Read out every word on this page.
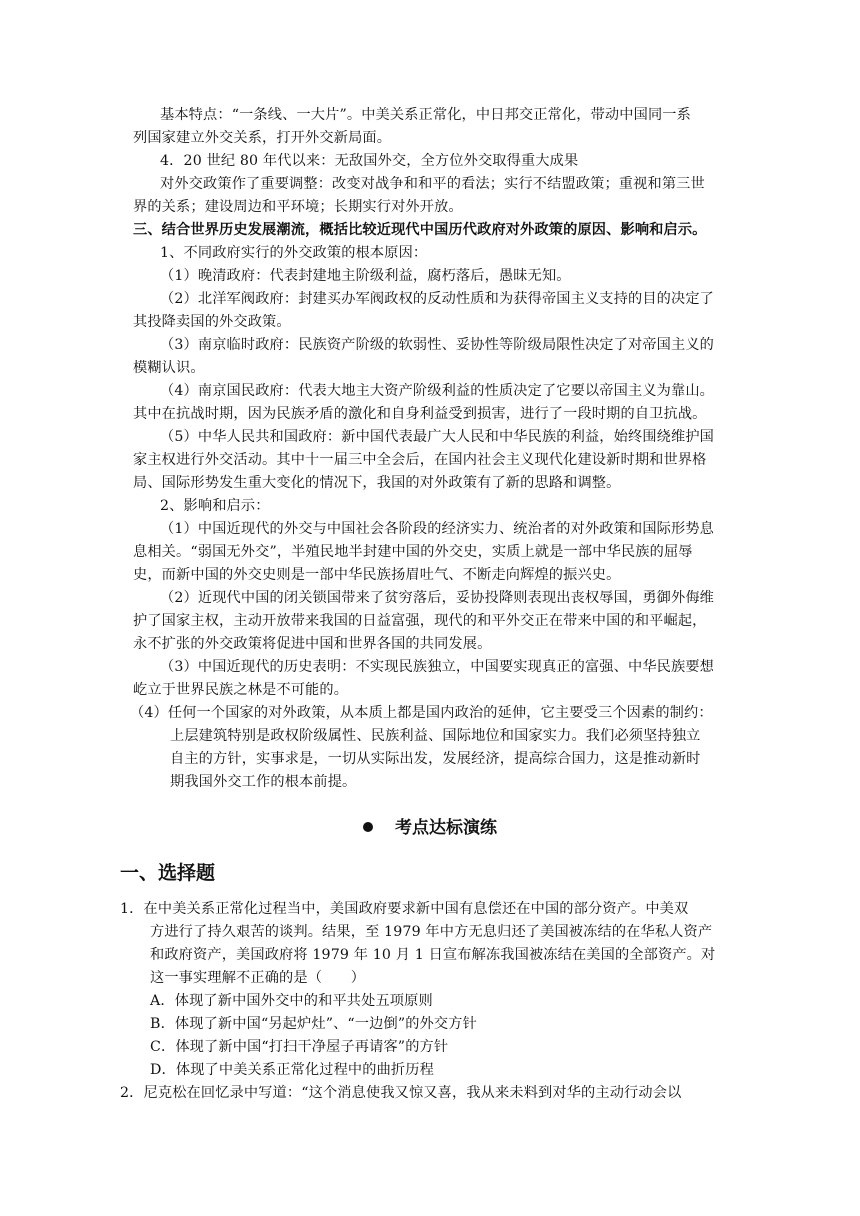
基本特点：“一条线、一大片”。中美关系正常化，中日邦交正常化，带动中国同一系

列国家建立外交关系，打开外交新局面。

4．20 世纪 80 年代以来：无敌国外交，全方位外交取得重大成果

对外交政策作了重要调整：改变对战争和和平的看法；实行不结盟政策；重视和第三世

界的关系；建设周边和平环境；长期实行对外开放。

三、结合世界历史发展潮流，概括比较近现代中国历代政府对外政策的原因、影响和启示。

1、不同政府实行的外交政策的根本原因：

（1）晚清政府：代表封建地主阶级利益，腐朽落后，愚昧无知。

（2）北洋军阀政府：封建买办军阀政权的反动性质和为获得帝国主义支持的目的决定了

其投降卖国的外交政策。

（3）南京临时政府：民族资产阶级的软弱性、妥协性等阶级局限性决定了对帝国主义的

模糊认识。

（4）南京国民政府：代表大地主大资产阶级利益的性质决定了它要以帝国主义为靠山。

其中在抗战时期，因为民族矛盾的激化和自身利益受到损害，进行了一段时期的自卫抗战。

（5）中华人民共和国政府：新中国代表最广大人民和中华民族的利益，始终围绕维护国

家主权进行外交活动。其中十一届三中全会后，在国内社会主义现代化建设新时期和世界格

局、国际形势发生重大变化的情况下，我国的对外政策有了新的思路和调整。

2、影响和启示：

（1）中国近现代的外交与中国社会各阶段的经济实力、统治者的对外政策和国际形势息

息相关。“弱国无外交”，半殖民地半封建中国的外交史，实质上就是一部中华民族的屈辱

史，而新中国的外交史则是一部中华民族扬眉吐气、不断走向辉煌的振兴史。

（2）近现代中国的闭关锁国带来了贫穷落后，妥协投降则表现出丧权辱国，勇御外侮维

护了国家主权，主动开放带来我国的日益富强，现代的和平外交正在带来中国的和平崛起，

永不扩张的外交政策将促进中国和世界各国的共同发展。

（3）中国近现代的历史表明：不实现民族独立，中国要实现真正的富强、中华民族要想

屹立于世界民族之林是不可能的。

（4）任何一个国家的对外政策，从本质上都是国内政治的延伸，它主要受三个因素的制约：

上层建筑特别是政权阶级属性、民族利益、国际地位和国家实力。我们必须坚持独立

自主的方针，实事求是，一切从实际出发，发展经济，提高综合国力，这是推动新时

期我国外交工作的根本前提。

考点达标演练
一、选择题

1．在中美关系正常化过程当中，美国政府要求新中国有息偿还在中国的部分资产。中美双

方进行了持久艰苦的谈判。结果，至 1979 年中方无息归还了美国被冻结的在华私人资产

和政府资产，美国政府将 1979 年 10 月 1 日宣布解冻我国被冻结在美国的全部资产。对

这一事实理解不正确的是（　　）

A．体现了新中国外交中的和平共处五项原则

B．体现了新中国“另起炉灶”、“一边倒”的外交方针

C．体现了新中国“打扫干净屋子再请客”的方针

D．体现了中美关系正常化过程中的曲折历程

2．尼克松在回忆录中写道：“这个消息使我又惊又喜，我从来未料到对华的主动行动会以
